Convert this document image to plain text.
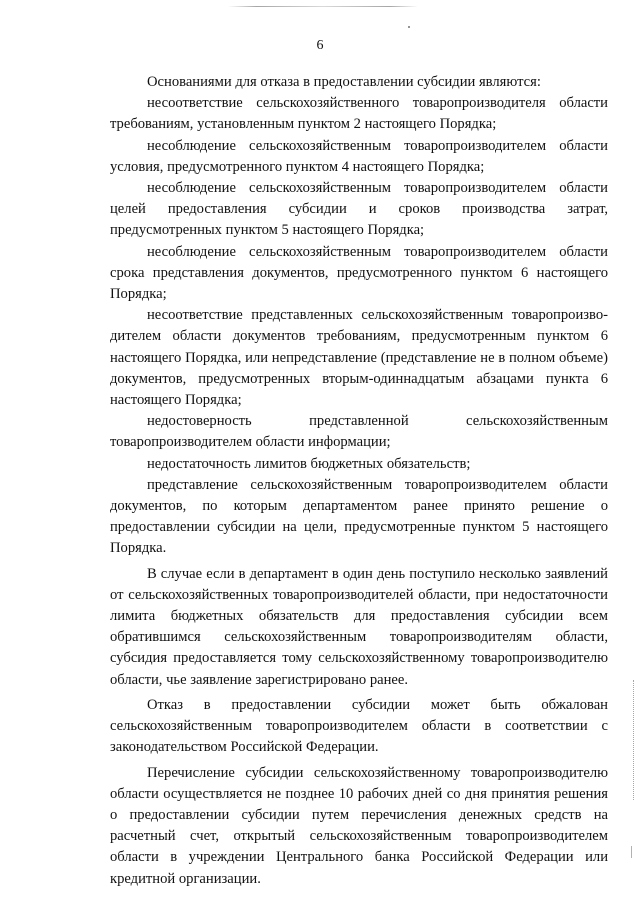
6

Основаниями для отказа в предоставлении субсидии являются:

несоответствие сельскохозяйственного товаропроизводителя области требованиям, установленным пунктом 2 настоящего Порядка;

несоблюдение сельскохозяйственным товаропроизводителем области условия, предусмотренного пунктом 4 настоящего Порядка;

несоблюдение сельскохозяйственным товаропроизводителем области целей предоставления субсидии и сроков производства затрат, предусмотренных пунктом 5 настоящего Порядка;

несоблюдение сельскохозяйственным товаропроизводителем области срока представления документов, предусмотренного пунктом 6 настоящего Порядка;

несоответствие представленных сельскохозяйственным товаропроизводителем области документов требованиям, предусмотренным пунктом 6 настоящего Порядка, или непредставление (представление не в полном объеме) документов, предусмотренных вторым-одиннадцатым абзацами пункта 6 настоящего Порядка;

недостоверность представленной сельскохозяйственным товаропроизводителем области информации;

недостаточность лимитов бюджетных обязательств;

представление сельскохозяйственным товаропроизводителем области документов, по которым департаментом ранее принято решение о предоставлении субсидии на цели, предусмотренные пунктом 5 настоящего Порядка.

В случае если в департамент в один день поступило несколько заявлений от сельскохозяйственных товаропроизводителей области, при недостаточности лимита бюджетных обязательств для предоставления субсидии всем обратившимся сельскохозяйственным товаропроизводителям области, субсидия предоставляется тому сельскохозяйственному товаропроизводителю области, чье заявление зарегистрировано ранее.

Отказ в предоставлении субсидии может быть обжалован сельскохозяйственным товаропроизводителем области в соответствии с законодательством Российской Федерации.

Перечисление субсидии сельскохозяйственному товаропроизводителю области осуществляется не позднее 10 рабочих дней со дня принятия решения о предоставлении субсидии путем перечисления денежных средств на расчетный счет, открытый сельскохозяйственным товаропроизводителем области в учреждении Центрального банка Российской Федерации или кредитной организации.
